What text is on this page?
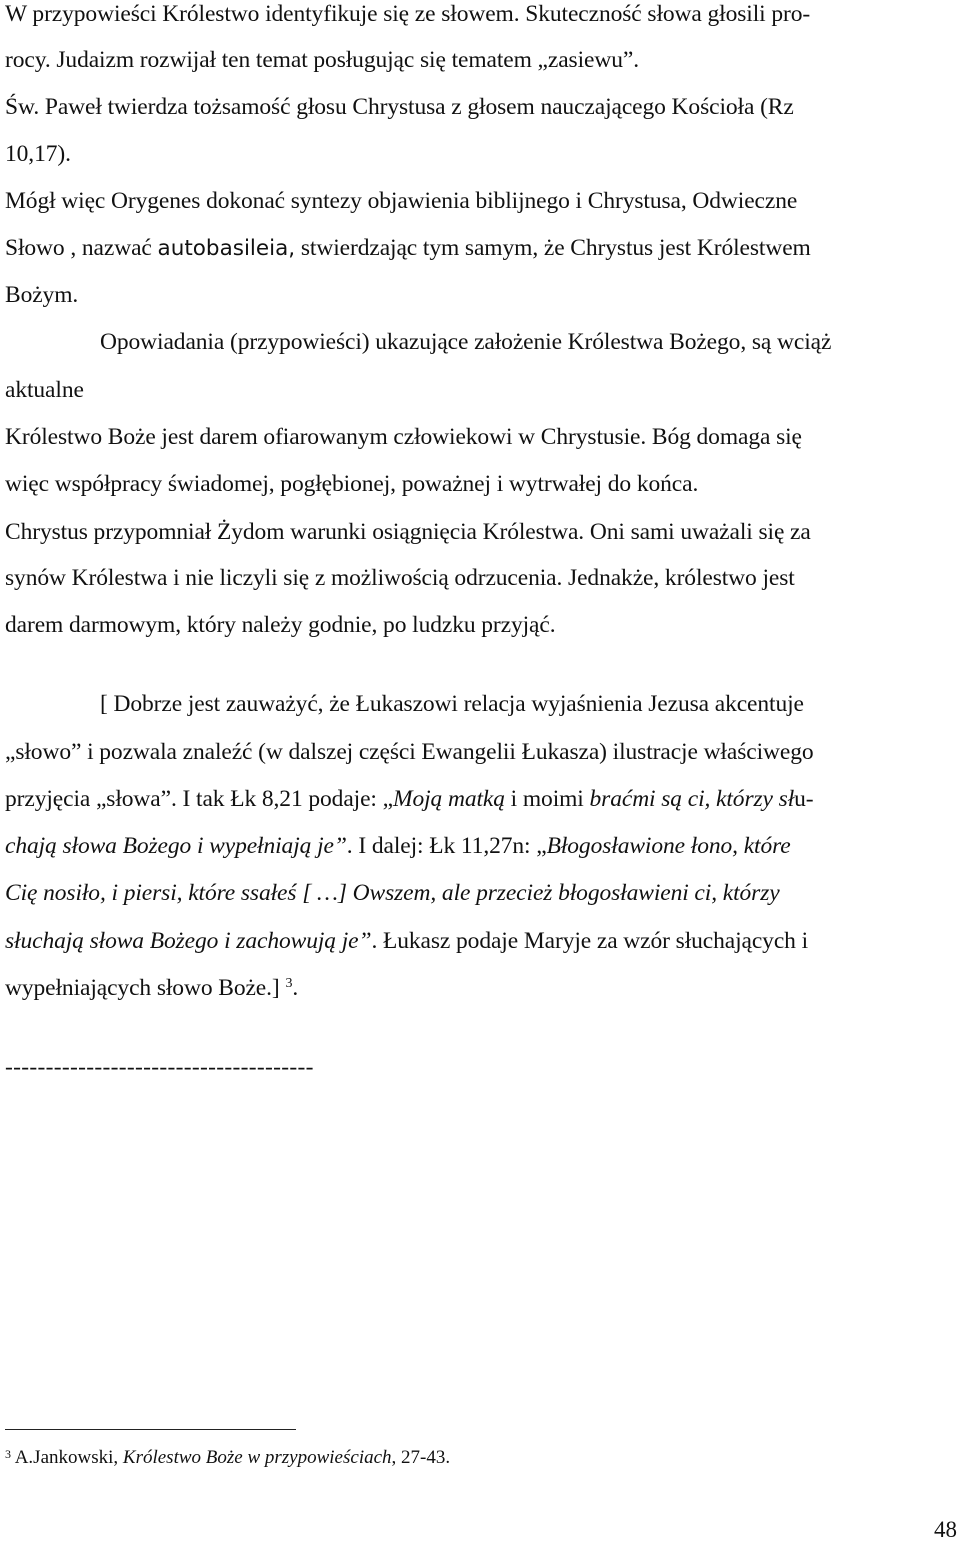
W przypowieści Królestwo identyfikuje się ze słowem. Skuteczność słowa głosili pro-
rocy. Judaizm rozwijał ten temat posługując się tematem „zasiewu”.
Św. Paweł twierdza tożsamość głosu Chrystusa z głosem nauczającego Kościoła (Rz
10,17).
Mógł więc Orygenes dokonać syntezy objawienia biblijnego i Chrystusa, Odwieczne
Słowo , nazwać autobasileia, stwierdzając tym samym, że Chrystus jest Królestwem
Bożym.
Opowiadania (przypowieści) ukazujące założenie Królestwa Bożego, są wciąż
aktualne
Królestwo Boże jest darem ofiarowanym człowiekowi w Chrystusie. Bóg domaga się
więc współpracy świadomej, pogłębionej, poważnej i wytrwałej do końca.
Chrystus przypomniał Żydom warunki osiągnięcia Królestwa. Oni sami uważali się za
synów Królestwa i nie liczyli się z możliwością odrzucenia. Jednakże, królestwo jest
darem darmowym, który należy godnie, po ludzku przyjąć.
[ Dobrze jest zauważyć, że Łukaszowi relacja wyjaśnienia Jezusa akcentuje
„słowo” i pozwala znaleźć (w dalszej części Ewangelii Łukasza) ilustracje właściwego
przyjęcia „słowa”. I tak Łk 8,21 podaje: „Moją matką i moimi braćmi są ci, którzy słu-
chają słowa Bożego i wypełniają je”. I dalej: Łk 11,27n: „Błogosławione łono, które
Cię nosiło, i piersi, które ssałeś [ …] Owszem, ale przecież błogosławieni ci, którzy
słuchają słowa Bożego i zachowują je”. Łukasz podaje Maryje za wzór słuchających i
wypełniających słowo Boże.] $^3$.
--------------------------------------
$^3$ A.Jankowski, Królestwo Boże w przypowieściach, 27-43.
48
